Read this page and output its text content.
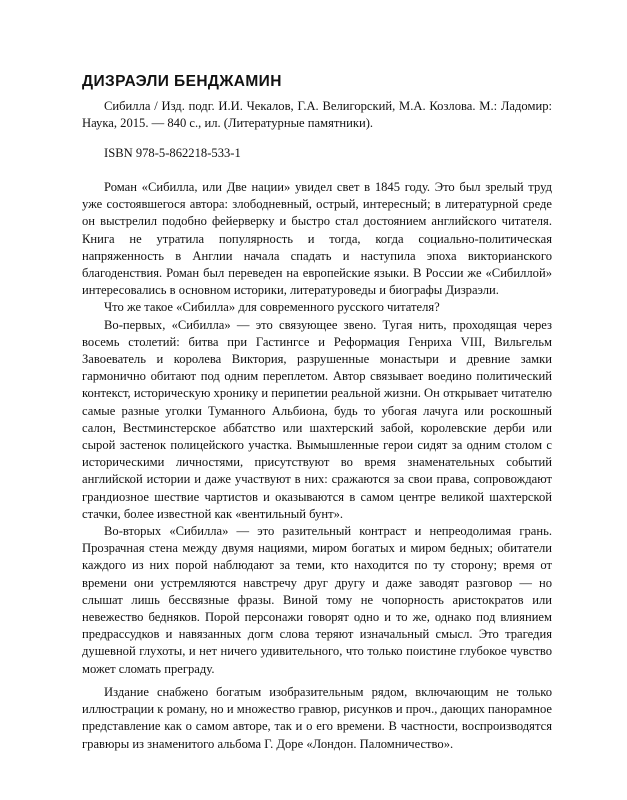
ДИЗРАЭЛИ БЕНДЖАМИН

Сибилла / Изд. подг. И.И. Чекалов, Г.А. Велигорский, М.А. Козлова. М.: Ладомир: Наука, 2015. — 840 с., ил. (Литературные памятники).

ISBN 978-5-862218-533-1

Роман «Сибилла, или Две нации» увидел свет в 1845 году. Это был зрелый труд уже состоявшегося автора: злободневный, острый, интересный; в литературной среде он выстрелил подобно фейерверку и быстро стал достоянием английского читателя. Книга не утратила популярность и тогда, когда социально-политическая напряженность в Англии начала спадать и наступила эпоха викторианского благоденствия. Роман был переведен на европейские языки. В России же «Сибиллой» интересовались в основном историки, литературоведы и биографы Дизраэли.

Что же такое «Сибилла» для современного русского читателя?

Во-первых, «Сибилла» — это связующее звено. Тугая нить, проходящая через восемь столетий: битва при Гастингсе и Реформация Генриха VIII, Вильгельм Завоеватель и королева Виктория, разрушенные монастыри и древние замки гармонично обитают под одним переплетом. Автор связывает воедино политический контекст, историческую хронику и перипетии реальной жизни. Он открывает читателю самые разные уголки Туманного Альбиона, будь то убогая лачуга или роскошный салон, Вестминстерское аббатство или шахтерский забой, королевские дерби или сырой застенок полицейского участка. Вымышленные герои сидят за одним столом с историческими личностями, присутствуют во время знаменательных событий английской истории и даже участвуют в них: сражаются за свои права, сопровождают грандиозное шествие чартистов и оказываются в самом центре великой шахтерской стачки, более известной как «вентильный бунт».

Во-вторых «Сибилла» — это разительный контраст и непреодолимая грань. Прозрачная стена между двумя нациями, миром богатых и миром бедных; обитатели каждого из них порой наблюдают за теми, кто находится по ту сторону; время от времени они устремляются навстречу друг другу и даже заводят разговор — но слышат лишь бессвязные фразы. Виной тому не чопорность аристократов или невежество бедняков. Порой персонажи говорят одно и то же, однако под влиянием предрассудков и навязанных догм слова теряют изначальный смысл. Это трагедия душевной глухоты, и нет ничего удивительного, что только поистине глубокое чувство может сломать преграду.

Издание снабжено богатым изобразительным рядом, включающим не только иллюстрации к роману, но и множество гравюр, рисунков и проч., дающих панорамное представление как о самом авторе, так и о его времени. В частности, воспроизводятся гравюры из знаменитого альбома Г. Доре «Лондон. Паломничество».
